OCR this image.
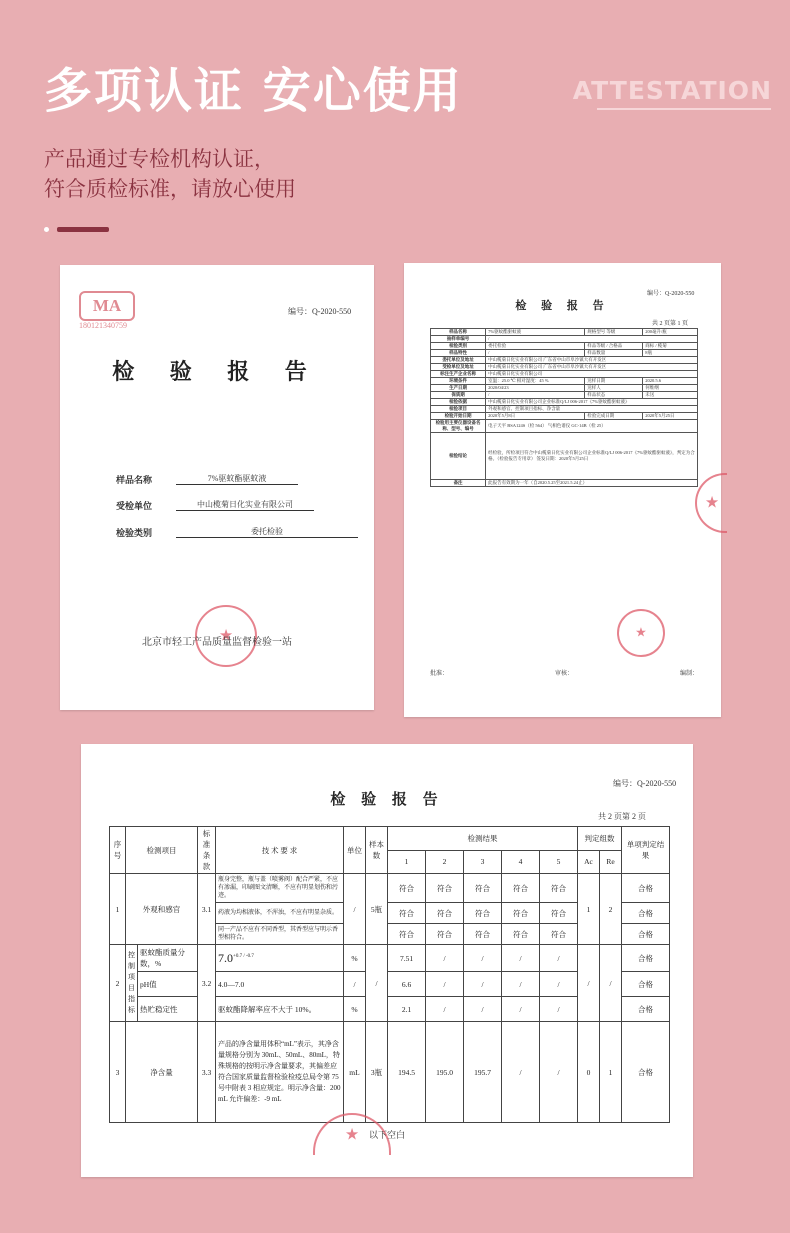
多项认证 安心使用	ATTESTATION
产品通过专检机构认证，
符合质检标准，请放心使用
MA
180121340759
编号：Q-2020-550
检 验 报 告
样品名称	7%驱蚊酯驱蚊液
受检单位	中山榄菊日化实业有限公司
检验类别	委托检验
★
北京市轻工产品质量监督检验一站
编号：Q-2020-550
检 验 报 告
共 2 页第 1 页
样品名称	7%驱蚊酯驱蚊液	规格型号 等级	200毫升/瓶
抽样单编号	/		
检验类别	委托检验	样品等级 / 合格品	商标 / 榄菊
样品特性	/	样品数量	8瓶
委托单位及地址	中山榄菊日化实业有限公司 广东省中山市阜沙镇大有开发区		
受检单位及地址	中山榄菊日化实业有限公司 广东省中山市阜沙镇大有开发区		
标注生产企业名称	中山榄菊日化实业有限公司		
环境条件	室温：25.0 ℃ 相对湿度：45 %	送样日期	2020.5.6
生产日期	2020/04/23	送样人	何维纲
保质期	/	样品状态	未送
检验依据	中山榄菊日化实业有限公司企业标准Q/LJ 006-2017《7%驱蚊酯驱蚊液》		
检验项目	外观和感官、控制项目指标、净含量		
检验开始日期	2020年5月8日	检验完成日期	2020年5月25日
检验用主要仪器设备名称、型号、编号	电子天平 BSA124S（检 564） 气相色谱仪 GC-14B（检 25）		
检验结论	经检验，所检项目符合中山榄菊日化实业有限公司企业标准Q/LJ 006-2017《7%驱蚊酯驱蚊液》，判定为合格。（检验报告专用章） 签发日期：2020年5月25日		
备注	此报告有效期为一年（自2020.5.25至2021.5.24止）		
★
★
批准：	审核：	编制：
编号：Q-2020-550
检 验 报 告
共 2 页第 2 页
序号	检测项目		标准条款	技 术 要 求	单位	样本数	检测结果					判定组数		单项判定结果
							1	2	3	4	5	Ac	Re	
1	外观和感官		3.1	瓶身完整，瓶与盖（喷雾阀）配合严紧，不应有渗漏，印刷图文清晰，不应有明显划伤和污迹。	/	5瓶	符合	符合	符合	符合	符合	1	2	合格
				药液为均相液体，不浑浊，不应有明显杂质。			符合	符合	符合	符合	符合			合格
				同一产品不应有不同香型，其香型应与明示香型相符合。			符合	符合	符合	符合	符合			合格
2	控制项目指标	驱蚊酯质量分数，%	3.2	$7.0^{+0.7 / -0.7}$	%	/	7.51	/	/	/	/	/	/	合格
		pH值		4.0—7.0	/		6.6	/	/	/	/			合格
		热贮稳定性		驱蚊酯降解率应不大于 10%。	%		2.1	/	/	/	/			合格
3	净含量		3.3	产品的净含量用体积“mL”表示，其净含量规格分别为 30mL、50mL、80mL，特殊规格的按明示净含量要求，其偏差应符合国家质量监督检验检疫总局令第 75 号中附表 3 相应规定。明示净含量：200 mL 允许偏差：-9 mL	mL	3瓶	194.5	195.0	195.7	/	/	0	1	合格
★
以下空白
